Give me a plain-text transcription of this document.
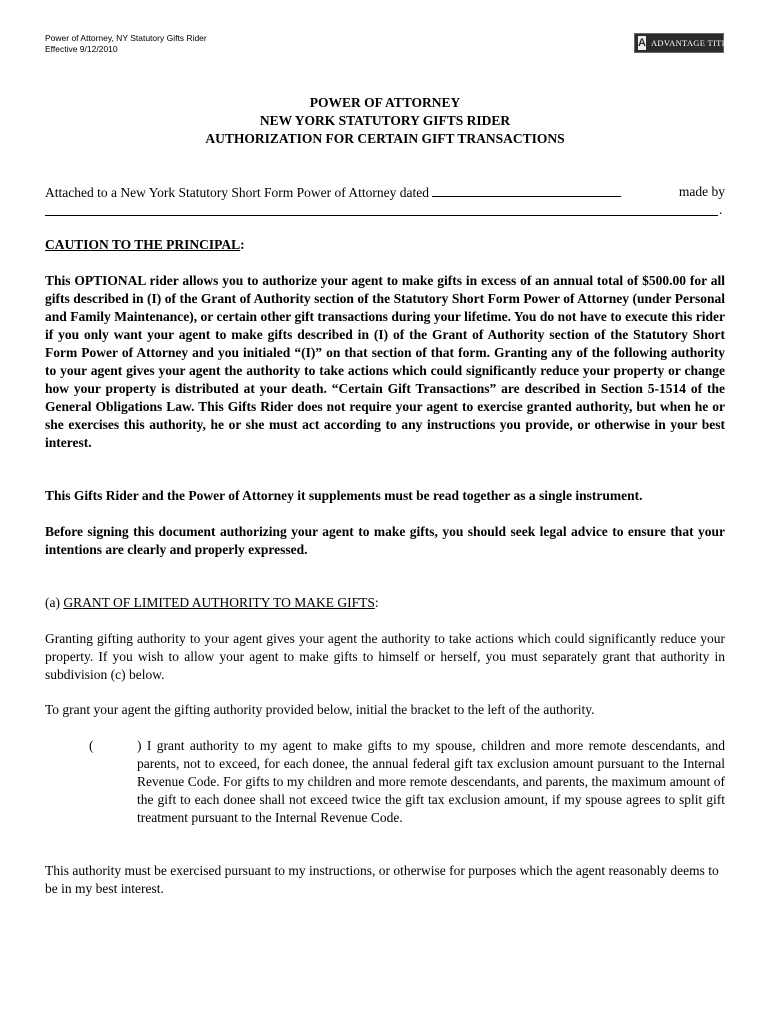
Power of Attorney, NY Statutory Gifts Rider
Effective 9/12/2010
A ADVANTAGE TITLE
POWER OF ATTORNEY
NEW YORK STATUTORY GIFTS RIDER
AUTHORIZATION FOR CERTAIN GIFT TRANSACTIONS
Attached to a New York Statutory Short Form Power of Attorney dated	made by
.
CAUTION TO THE PRINCIPAL:
This OPTIONAL rider allows you to authorize your agent to make gifts in excess of an annual total of $500.00 for all gifts described in (I) of the Grant of Authority section of the Statutory Short Form Power of Attorney (under Personal and Family Maintenance), or certain other gift transactions during your lifetime. You do not have to execute this rider if you only want your agent to make gifts described in (I) of the Grant of Authority section of the Statutory Short Form Power of Attorney and you initialed “(I)” on that section of that form. Granting any of the following authority to your agent gives your agent the authority to take actions which could significantly reduce your property or change how your property is distributed at your death. “Certain Gift Transactions” are described in Section 5-1514 of the General Obligations Law. This Gifts Rider does not require your agent to exercise granted authority, but when he or she exercises this authority, he or she must act according to any instructions you provide, or otherwise in your best interest.
This Gifts Rider and the Power of Attorney it supplements must be read together as a single instrument.
Before signing this document authorizing your agent to make gifts, you should seek legal advice to ensure that your intentions are clearly and properly expressed.
(a) GRANT OF LIMITED AUTHORITY TO MAKE GIFTS:
Granting gifting authority to your agent gives your agent the authority to take actions which could significantly reduce your property. If you wish to allow your agent to make gifts to himself or herself, you must separately grant that authority in subdivision (c) below.
To grant your agent the gifting authority provided below, initial the bracket to the left of the authority.
(	) I grant authority to my agent to make gifts to my spouse, children and more remote descendants, and parents, not to exceed, for each donee, the annual federal gift tax exclusion amount pursuant to the Internal Revenue Code. For gifts to my children and more remote descendants, and parents, the maximum amount of the gift to each donee shall not exceed twice the gift tax exclusion amount, if my spouse agrees to split gift treatment pursuant to the Internal Revenue Code.
This authority must be exercised pursuant to my instructions, or otherwise for purposes which the agent reasonably deems to be in my best interest.
